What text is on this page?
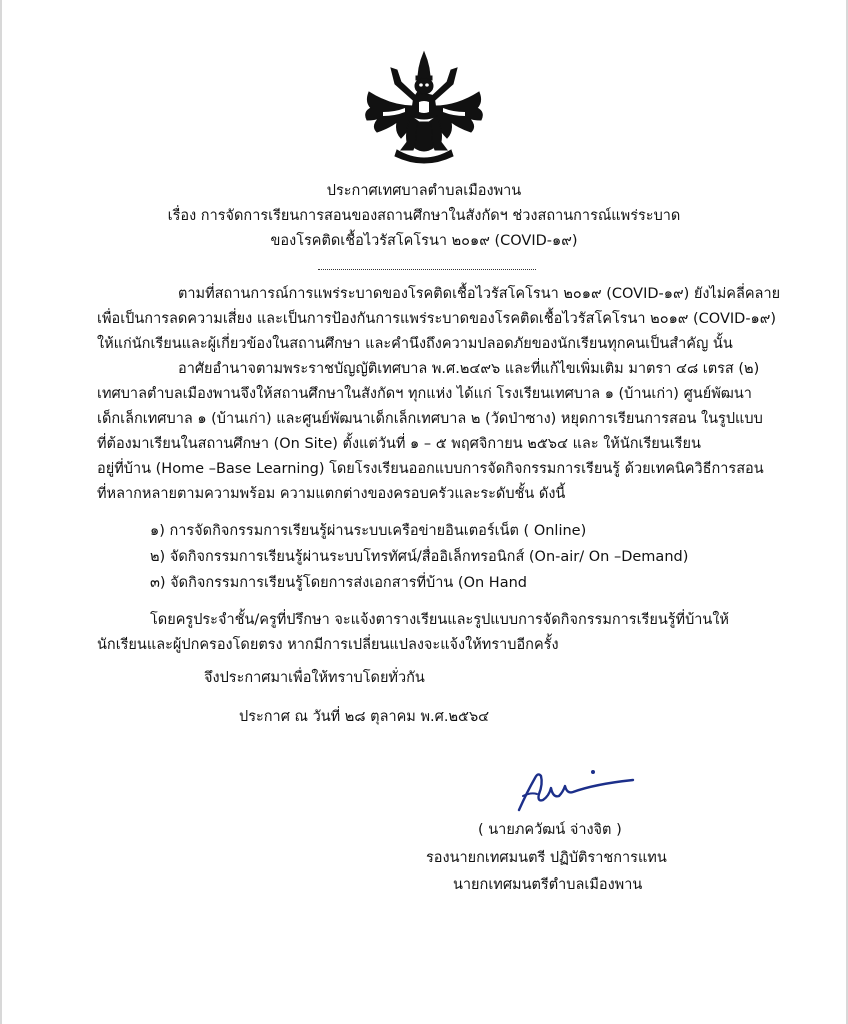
ประกาศเทศบาลตำบลเมืองพาน
เรื่อง การจัดการเรียนการสอนของสถานศึกษาในสังกัดฯ ช่วงสถานการณ์แพร่ระบาด
ของโรคติดเชื้อไวรัสโคโรนา ๒๐๑๙ (COVID-๑๙)
ตามที่สถานการณ์การแพร่ระบาดของโรคติดเชื้อไวรัสโคโรนา ๒๐๑๙ (COVID-๑๙) ยังไม่คลี่คลาย
เพื่อเป็นการลดความเสี่ยง และเป็นการป้องกันการแพร่ระบาดของโรคติดเชื้อไวรัสโคโรนา ๒๐๑๙ (COVID-๑๙)
ให้แก่นักเรียนและผู้เกี่ยวข้องในสถานศึกษา และคำนึงถึงความปลอดภัยของนักเรียนทุกคนเป็นสำคัญ นั้น
อาศัยอำนาจตามพระราชบัญญัติเทศบาล พ.ศ.๒๔๙๖ และที่แก้ไขเพิ่มเติม มาตรา ๔๘ เตรส (๒)
เทศบาลตำบลเมืองพานจึงให้สถานศึกษาในสังกัดฯ ทุกแห่ง ได้แก่ โรงเรียนเทศบาล ๑ (บ้านเก่า) ศูนย์พัฒนา
เด็กเล็กเทศบาล ๑ (บ้านเก่า) และศูนย์พัฒนาเด็กเล็กเทศบาล ๒ (วัดป่าซาง) หยุดการเรียนการสอน ในรูปแบบ
ที่ต้องมาเรียนในสถานศึกษา (On Site) ตั้งแต่วันที่ ๑ – ๕ พฤศจิกายน ๒๕๖๔ และ ให้นักเรียนเรียน
อยู่ที่บ้าน (Home –Base Learning) โดยโรงเรียนออกแบบการจัดกิจกรรมการเรียนรู้ ด้วยเทคนิควิธีการสอน
ที่หลากหลายตามความพร้อม ความแตกต่างของครอบครัวและระดับชั้น ดังนี้
๑) การจัดกิจกรรมการเรียนรู้ผ่านระบบเครือข่ายอินเตอร์เน็ต ( Online)
๒) จัดกิจกรรมการเรียนรู้ผ่านระบบโทรทัศน์/สื่ออิเล็กทรอนิกส์ (On-air/ On –Demand)
๓) จัดกิจกรรมการเรียนรู้โดยการส่งเอกสารที่บ้าน (On Hand
โดยครูประจำชั้น/ครูที่ปรึกษา จะแจ้งตารางเรียนและรูปแบบการจัดกิจกรรมการเรียนรู้ที่บ้านให้
นักเรียนและผู้ปกครองโดยตรง หากมีการเปลี่ยนแปลงจะแจ้งให้ทราบอีกครั้ง
จึงประกาศมาเพื่อให้ทราบโดยทั่วกัน
ประกาศ ณ วันที่ ๒๘ ตุลาคม พ.ศ.๒๕๖๔
( นายภควัฒน์ จ่างจิต )
รองนายกเทศมนตรี ปฏิบัติราชการแทน
นายกเทศมนตรีตำบลเมืองพาน
